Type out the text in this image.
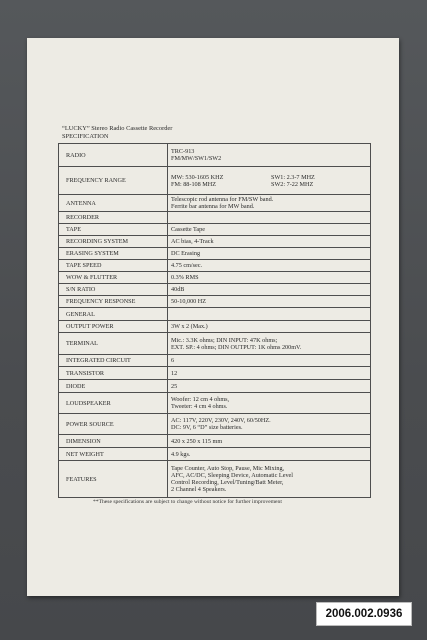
“LUCKY” Stereo Radio Cassette Recorder
SPECIFICATION
RADIO	TRC-913
FM/MW/SW1/SW2

FREQUENCY RANGE	MW: 530-1605 KHZ SW1: 2.3-7 MHZ
FM: 88-108 MHZ SW2: 7-22 MHZ

ANTENNA	Telescopic rod antenna for FM/SW band.
Ferrite bar antenna for MW band.

RECORDER	
TAPE	Cassette Tape
RECORDING SYSTEM	AC bias, 4-Track
ERASING SYSTEM	DC Erasing
TAPE SPEED	4.75 cm/sec.
WOW & FLUTTER	0.3% RMS
S/N RATIO	40dB
FREQUENCY RESPONSE	50-10,000 HZ
GENERAL	
OUTPUT POWER	3W x 2 (Max.)
TERMINAL	Mic.: 3.3K ohms; DIN INPUT: 47K ohms;
EXT. SP.: 4 ohms; DIN OUTPUT: 1K ohms 200mV.

INTEGRATED CIRCUIT	6
TRANSISTOR	12
DIODE	25
LOUDSPEAKER	Woofer: 12 cm 4 ohms,
Tweeter: 4 cm 4 ohms.

POWER SOURCE	AC: 117V, 220V, 230V, 240V, 60/50HZ.
DC: 9V, 6 “D” size batteries.

DIMENSION	420 x 250 x 115 mm
NET WEIGHT	4.9 kgs.
FEATURES	Tape Counter, Auto Stop, Pause, Mic Mixing,
AFC, AC/DC, Sleeping Device, Automatic Level
Control Recording, Level/Tuning/Batt Meter,
2 Channel 4 Speakers.
**These specifications are subject to change without notice for further improvement
2006.002.0936
